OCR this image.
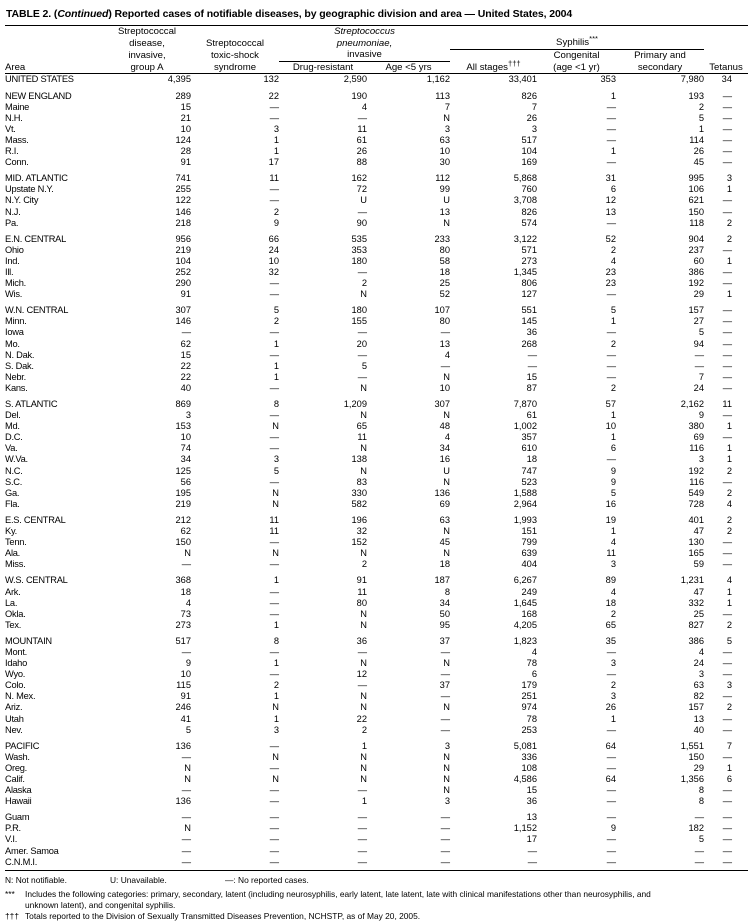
TABLE 2. (Continued) Reported cases of notifiable diseases, by geographic division and area — United States, 2004
Area	Streptococcal		Streptococcus					Tetanus
	disease,	Streptococcal	pneumoniae,		Syphilis***
	invasive,	toxic-shock	invasive			Congenital	Primary and	
	group A	syndrome	Drug-resistant	Age <5 yrs	All stages†††	(age <1 yr)	secondary	
UNITED STATES	4,395	132	2,590	1,162	33,401	353	7,980	34

NEW ENGLAND	289	22	190	113	826	1	193	—
Maine	15	—	4	7	7	—	2	—
N.H.	21	—	—	N	26	—	5	—
Vt.	10	3	11	3	3	—	1	—
Mass.	124	1	61	63	517	—	114	—
R.I.	28	1	26	10	104	1	26	—
Conn.	91	17	88	30	169	—	45	—

MID. ATLANTIC	741	11	162	112	5,868	31	995	3
Upstate N.Y.	255	—	72	99	760	6	106	1
N.Y. City	122	—	U	U	3,708	12	621	—
N.J.	146	2	—	13	826	13	150	—
Pa.	218	9	90	N	574	—	118	2

E.N. CENTRAL	956	66	535	233	3,122	52	904	2
Ohio	219	24	353	80	571	2	237	—
Ind.	104	10	180	58	273	4	60	1
Ill.	252	32	—	18	1,345	23	386	—
Mich.	290	—	2	25	806	23	192	—
Wis.	91	—	N	52	127	—	29	1

W.N. CENTRAL	307	5	180	107	551	5	157	—
Minn.	146	2	155	80	145	1	27	—
Iowa	—	—	—	—	36	—	5	—
Mo.	62	1	20	13	268	2	94	—
N. Dak.	15	—	—	4	—	—	—	—
S. Dak.	22	1	5	—	—	—	—	—
Nebr.	22	1	—	N	15	—	7	—
Kans.	40	—	N	10	87	2	24	—

S. ATLANTIC	869	8	1,209	307	7,870	57	2,162	11
Del.	3	—	N	N	61	1	9	—
Md.	153	N	65	48	1,002	10	380	1
D.C.	10	—	11	4	357	1	69	—
Va.	74	—	N	34	610	6	116	1
W.Va.	34	3	138	16	18	—	3	1
N.C.	125	5	N	U	747	9	192	2
S.C.	56	—	83	N	523	9	116	—
Ga.	195	N	330	136	1,588	5	549	2
Fla.	219	N	582	69	2,964	16	728	4

E.S. CENTRAL	212	11	196	63	1,993	19	401	2
Ky.	62	11	32	N	151	1	47	2
Tenn.	150	—	152	45	799	4	130	—
Ala.	N	N	N	N	639	11	165	—
Miss.	—	—	2	18	404	3	59	—

W.S. CENTRAL	368	1	91	187	6,267	89	1,231	4
Ark.	18	—	11	8	249	4	47	1
La.	4	—	80	34	1,645	18	332	1
Okla.	73	—	N	50	168	2	25	—
Tex.	273	1	N	95	4,205	65	827	2

MOUNTAIN	517	8	36	37	1,823	35	386	5
Mont.	—	—	—	—	4	—	4	—
Idaho	9	1	N	N	78	3	24	—
Wyo.	10	—	12	—	6	—	3	—
Colo.	115	2	—	37	179	2	63	3
N. Mex.	91	1	N	—	251	3	82	—
Ariz.	246	N	N	N	974	26	157	2
Utah	41	1	22	—	78	1	13	—
Nev.	5	3	2	—	253	—	40	—

PACIFIC	136	—	1	3	5,081	64	1,551	7
Wash.	—	N	N	N	336	—	150	—
Oreg.	N	—	N	N	108	—	29	1
Calif.	N	N	N	N	4,586	64	1,356	6
Alaska	—	—	—	N	15	—	8	—
Hawaii	136	—	1	3	36	—	8	—

Guam	—	—	—	—	13	—	—	—
P.R.	N	—	—	—	1,152	9	182	—
V.I.	—	—	—	—	17	—	5	—
Amer. Samoa	—	—	—	—	—	—	—	—
C.N.M.I.	—	—	—	—	—	—	—	—
N: Not notifiable.	U: Unavailable.	—: No reported cases.
***	Includes the following categories: primary, secondary, latent (including neurosyphilis, early latent, late latent, late with clinical manifestations other than neurosyphilis, and
unknown latent), and congenital syphilis.
††† Totals reported to the Division of Sexually Transmitted Diseases Prevention, NCHSTP, as of May 20, 2005.
